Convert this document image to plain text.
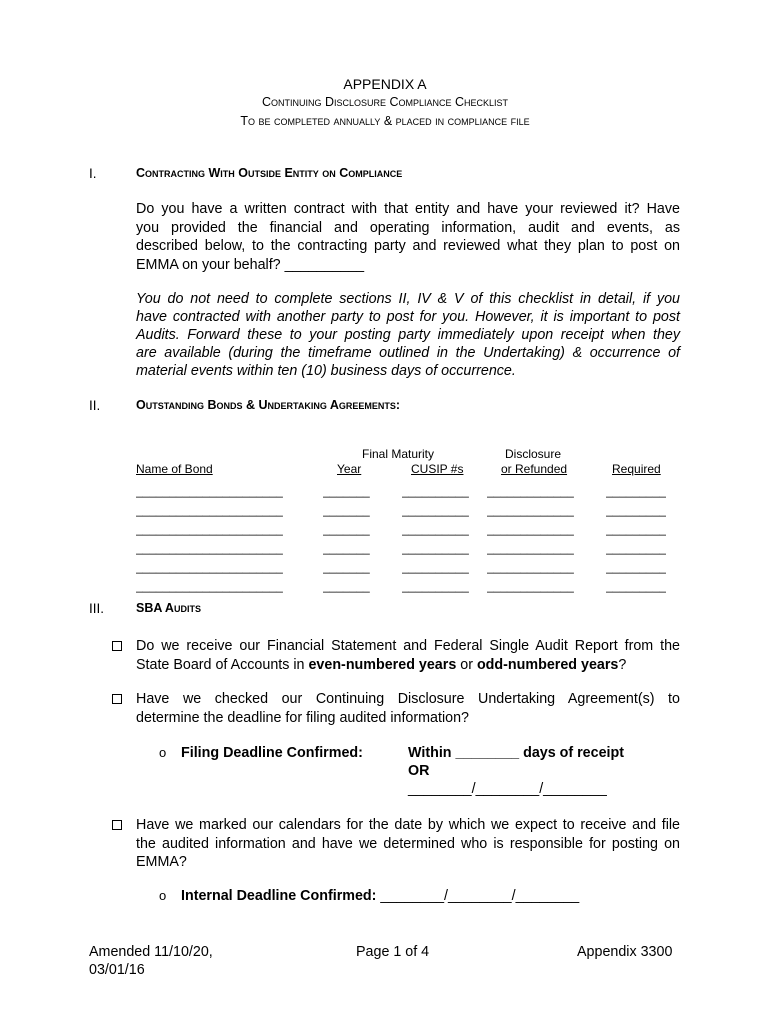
APPENDIX A
Continuing Disclosure Compliance Checklist
To be completed annually & placed in compliance file
I.	Contracting With Outside Entity on Compliance
Do you have a written contract with that entity and have your reviewed it? Have
you provided the financial and operating information, audit and events, as
described below, to the contracting party and reviewed what they plan to post on
EMMA on your behalf? __________
You do not need to complete sections II, IV & V of this checklist in detail, if you
have contracted with another party to post for you. However, it is important to post
Audits. Forward these to your posting party immediately upon receipt when they
are available (during the timeframe outlined in the Undertaking) & occurrence of
material events within ten (10) business days of occurrence.
II.	Outstanding Bonds & Undertaking Agreements:
Final Maturity	Disclosure
Name of Bond	Year	CUSIP #s	or Refunded	Required
______________________	_______	__________ _____________	_________
______________________	_______	__________ _____________	_________
______________________	_______	__________ _____________	_________
______________________	_______	__________ _____________	_________
______________________	_______	__________ _____________	_________
______________________	_______	__________ _____________	_________
III.	SBA Audits
Do we receive our Financial Statement and Federal Single Audit Report from the
State Board of Accounts in even-numbered years or odd-numbered years?
Have we checked our Continuing Disclosure Undertaking Agreement(s) to
determine the deadline for filing audited information?
o Filing Deadline Confirmed:	Within ________ days of receipt
OR
________/________/________
Have we marked our calendars for the date by which we expect to receive and file
the audited information and have we determined who is responsible for posting on
EMMA?
o Internal Deadline Confirmed: ________/________/________
Amended 11/10/20,
03/01/16
Page 1 of 4	Appendix 3300
